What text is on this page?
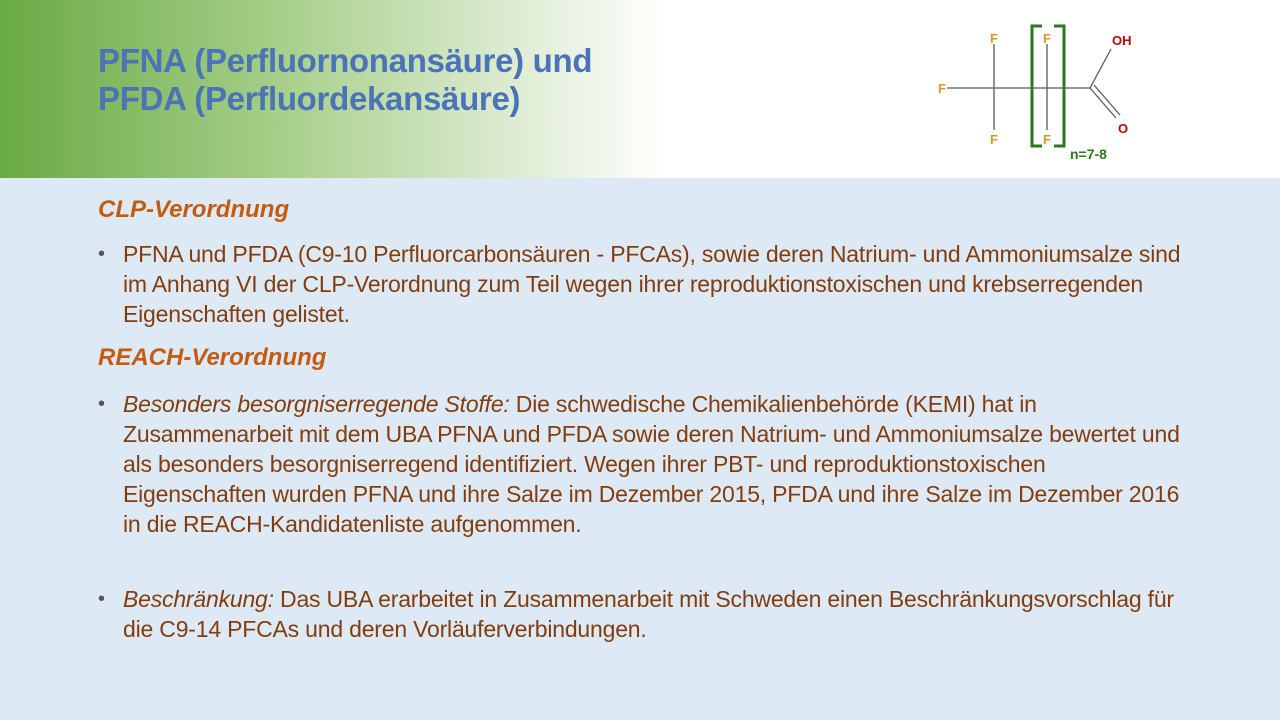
PFNA (Perfluornonansäure) und
PFDA (Perfluordekansäure)
F	F
F
F	F
OH
O
n=7-8
CLP-Verordnung
• PFNA und PFDA (C9-10 Perfluorcarbonsäuren - PFCAs), sowie deren Natrium- und Ammoniumsalze sind im Anhang VI der CLP-Verordnung zum Teil wegen ihrer reproduktionstoxischen und krebserregenden Eigenschaften gelistet.
REACH-Verordnung
• Besonders besorgniserregende Stoffe: Die schwedische Chemikalienbehörde (KEMI) hat in Zusammenarbeit mit dem UBA PFNA und PFDA sowie deren Natrium- und Ammoniumsalze bewertet und als besonders besorgniserregend identifiziert. Wegen ihrer PBT- und reproduktionstoxischen Eigenschaften wurden PFNA und ihre Salze im Dezember 2015, PFDA und ihre Salze im Dezember 2016 in die REACH-Kandidatenliste aufgenommen.
• Beschränkung: Das UBA erarbeitet in Zusammenarbeit mit Schweden einen Beschränkungsvorschlag für die C9-14 PFCAs und deren Vorläuferverbindungen.
